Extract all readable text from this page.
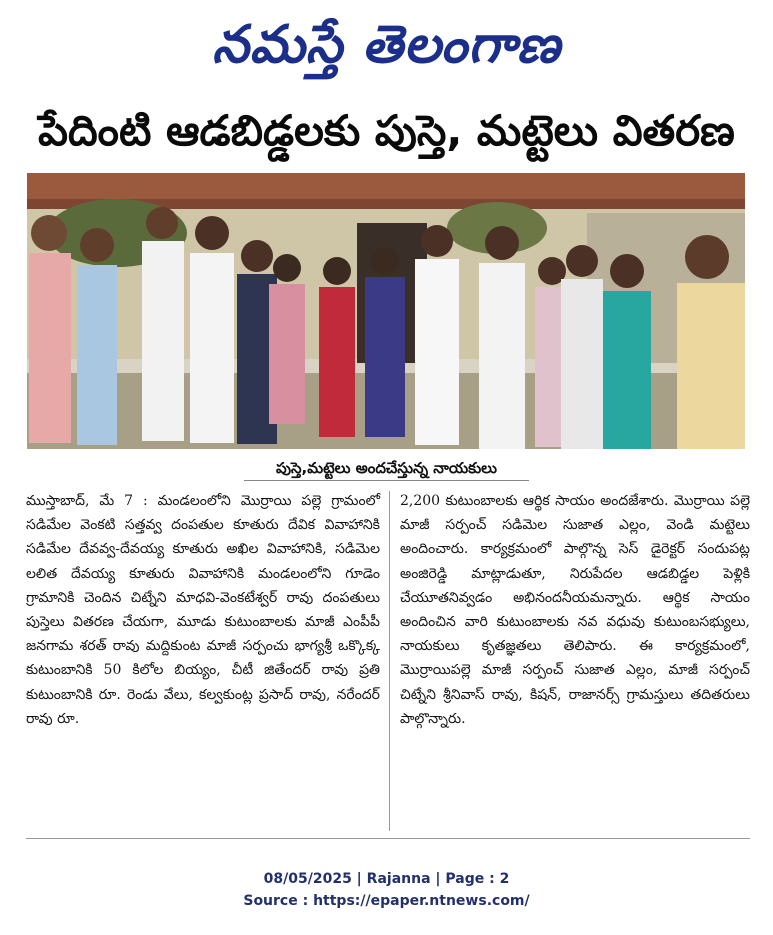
నమస్తే తెలంగాణ
పేదింటి ఆడబిడ్డలకు పుస్తె, మట్టెలు వితరణ
పుస్తె,మట్టెలు అందచేస్తున్న నాయకులు

ముస్తాబాద్, మే 7 : మండలంలోని మొర్రాయి పల్లె గ్రామంలో సడిమేల వెంకటి సత్తవ్వ దంపతుల కూతురు దేవిక వివాహానికి సడిమేల దేవవ్వ-దేవయ్య కూతురు అఖిల వివాహానికి, సడిమెల లలిత దేవయ్య కూతురు వివాహానికి మండలంలోని గూడెం గ్రామానికి చెందిన చిట్నేని మాధవి-వెంకటేశ్వర్ రావు దంపతులు పుస్తెలు వితరణ చేయగా, మూడు కుటుంబాలకు మాజీ ఎంపీపీ జనగామ శరత్ రావు మద్దికుంట మాజీ సర్పంచు భాగ్యశ్రీ ఒక్కొక్క కుటుంబానికి 50 కిలోల బియ్యం, చీటీ జితేందర్ రావు ప్రతి కుటుంబానికి రూ. రెండు వేలు, కల్వకుంట్ల ప్రసాద్ రావు, నరేందర్ రావు రూ.

2,200 కుటుంబాలకు ఆర్థిక సాయం అందజేశారు. మొర్రాయి పల్లె మాజీ సర్పంచ్ సడిమెల సుజాత ఎల్లం, వెండి మట్టెలు అందించారు. కార్యక్రమంలో పాల్గొన్న సెస్ డైరెక్టర్ సందుపట్ల అంజిరెడ్డి మాట్లాడుతూ, నిరుపేదల ఆడబిడ్డల పెళ్లికి చేయూతనివ్వడం అభినందనీయమన్నారు. ఆర్థిక సాయం అందించిన వారి కుటుంబాలకు నవ వధువు కుటుంబసభ్యులు, నాయకులు కృతజ్ఞతలు తెలిపారు. ఈ కార్యక్రమంలో, మొర్రాయిపల్లె మాజీ సర్పంచ్ సుజాత ఎల్లం, మాజీ సర్పంచ్ చిట్నేని శ్రీనివాస్ రావు, కిషన్, రాజానర్స్ గ్రామస్తులు తదితరులు పాల్గొన్నారు.

08/05/2025 | Rajanna | Page : 2
Source : https://epaper.ntnews.com/
